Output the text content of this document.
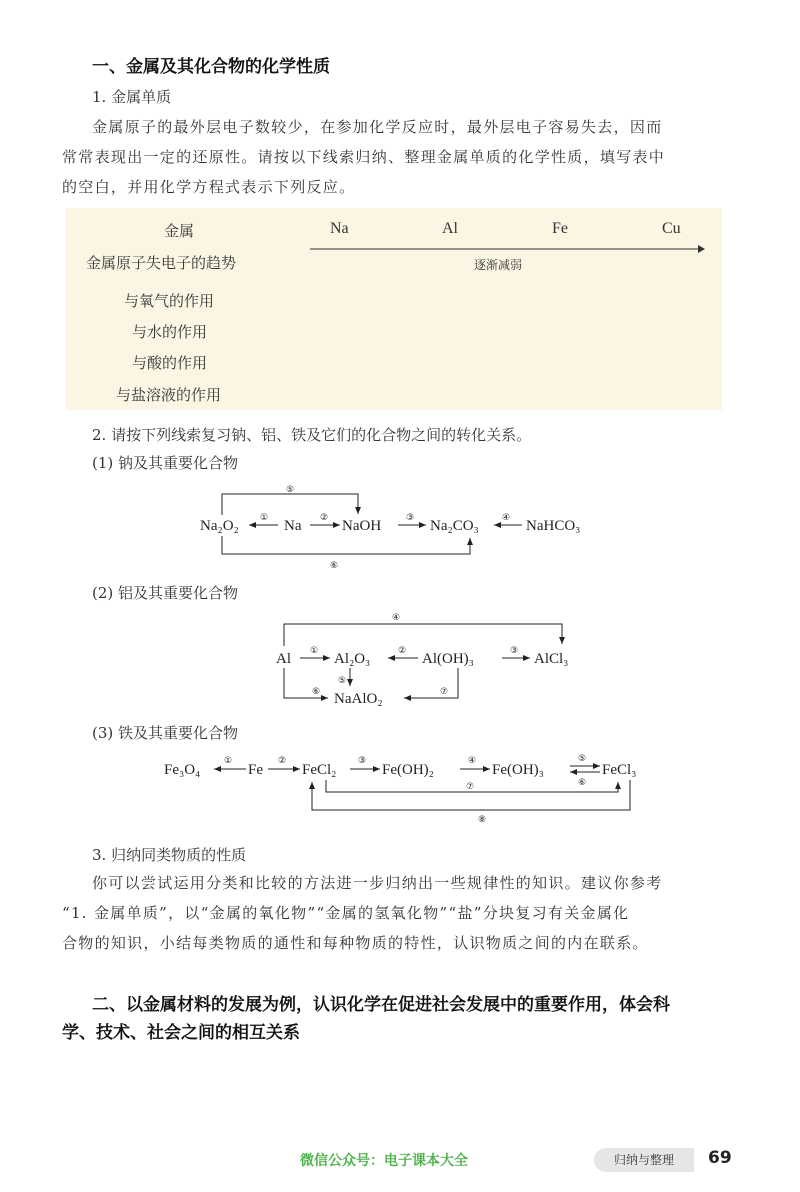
一、金属及其化合物的化学性质
1. 金属单质
金属原子的最外层电子数较少，在参加化学反应时，最外层电子容易失去，因而
常常表现出一定的还原性。请按以下线索归纳、整理金属单质的化学性质，填写表中
的空白，并用化学方程式表示下列反应。
金属	Na	Al	Fe	Cu
金属原子失电子的趋势	逐渐减弱
与氧气的作用
与水的作用
与酸的作用
与盐溶液的作用
2. 请按下列线索复习钠、铝、铁及它们的化合物之间的转化关系。
(1) 钠及其重要化合物
⑤
⑥
Na₂O₂ ① Na ② NaOH	③ Na₂CO₃	④ NaHCO₃
(2) 铝及其重要化合物
④
Al ① Al₂O₃	② Al(OH)₃	③ AlCl₃
⑤
⑥	⑦
NaAlO₂
(3) 铁及其重要化合物
Fe₃O₄
①
Fe
②
FeCl₂
③
Fe(OH)₂
④
Fe(OH)₃
⑤
⑥
FeCl₃
⑦
⑧
3. 归纳同类物质的性质
你可以尝试运用分类和比较的方法进一步归纳出一些规律性的知识。建议你参考
“1. 金属单质”，以“金属的氧化物”“金属的氢氧化物”“盐”分块复习有关金属化
合物的知识，小结每类物质的通性和每种物质的特性，认识物质之间的内在联系。
二、以金属材料的发展为例，认识化学在促进社会发展中的重要作用，体会科
学、技术、社会之间的相互关系
微信公众号：电子课本大全	归纳与整理	69
